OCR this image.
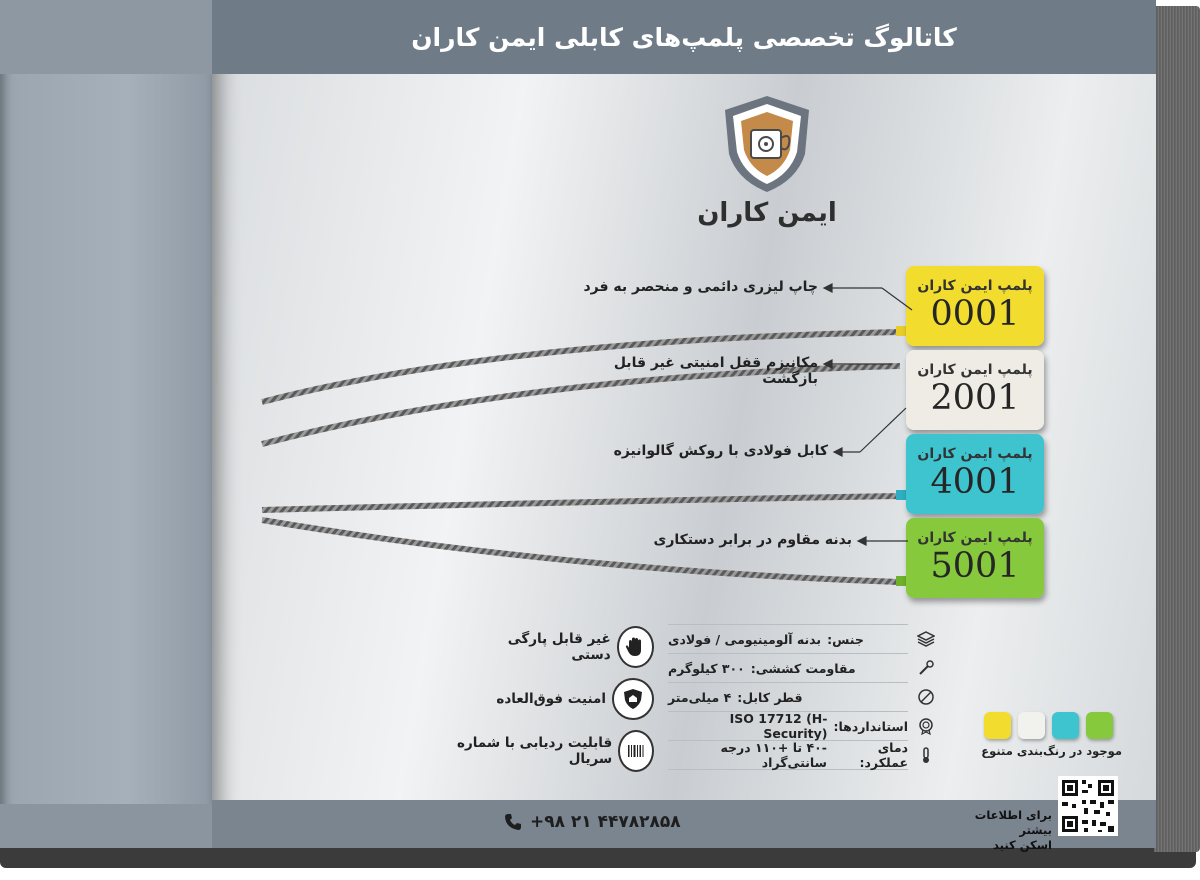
کاتالوگ تخصصی پلمپ‌های کابلی ایمن کاران
ایمن کاران
پلمپ ایمن کاران
0001
پلمپ ایمن کاران
2001
پلمپ ایمن کاران
4001
پلمپ ایمن کاران
5001
چاپ لیزری دائمی و منحصر به فرد
مکانیزم قفل امنیتی غیر قابل بازگشت
کابل فولادی با روکش گالوانیزه
بدنه مقاوم در برابر دستکاری
غیر قابل پارگی دستی
امنیت فوق‌العاده
قابلیت ردیابی با شماره سریال
جنس:
بدنه آلومینیومی / فولادی
مقاومت کششی:
۳۰۰ کیلوگرم
قطر کابل:
۴ میلی‌متر
استانداردها:
ISO 17712 (H-Security)
دمای عملکرد:
-۴۰ تا +۱۱۰ درجه سانتی‌گراد
موجود در رنگ‌بندی متنوع
+۹۸ ۲۱ ۴۴۷۸۲۸۵۸	برای اطلاعات بیشتر
اسکن کنید
